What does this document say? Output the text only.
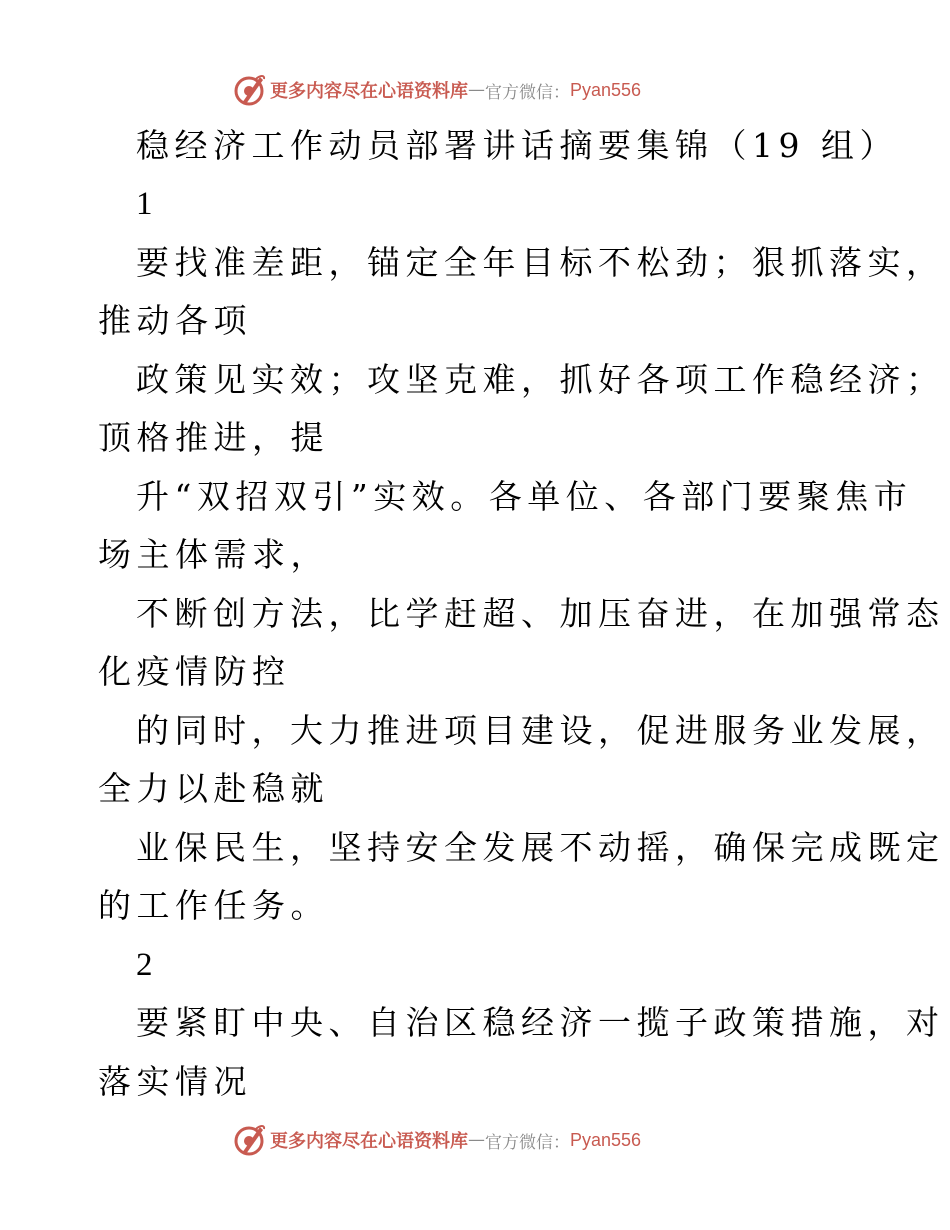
更多内容尽在心语资料库 — 官方微信： Pyan556
稳经济工作动员部署讲话摘要集锦（19 组）
1
要找准差距，锚定全年目标不松劲；狠抓落实，
推动各项
政策见实效；攻坚克难，抓好各项工作稳经济；
顶格推进，提
升“双招双引”实效。各单位、各部门要聚焦市
场主体需求，
不断创方法，比学赶超、加压奋进，在加强常态
化疫情防控
的同时，大力推进项目建设，促进服务业发展，
全力以赴稳就
业保民生，坚持安全发展不动摇，确保完成既定
的工作任务。
2
要紧盯中央、自治区稳经济一揽子政策措施，对
落实情况
更多内容尽在心语资料库 — 官方微信： Pyan556
